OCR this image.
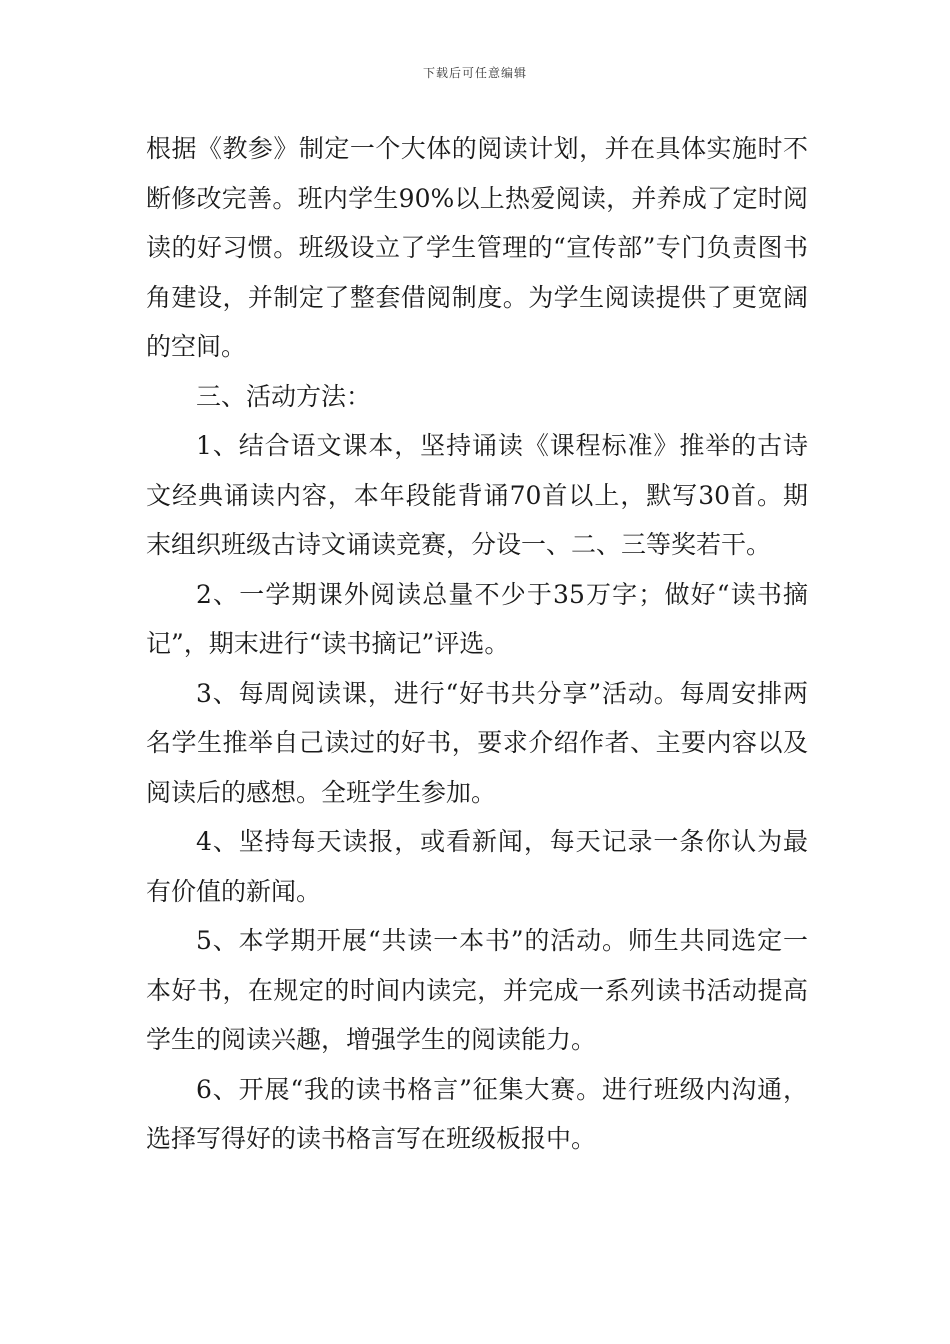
下载后可任意编辑

根据《教参》制定一个大体的阅读计划，并在具体实施时不断修改完善。班内学生90%以上热爱阅读，并养成了定时阅读的好习惯。班级设立了学生管理的“宣传部”专门负责图书角建设，并制定了整套借阅制度。为学生阅读提供了更宽阔的空间。

三、活动方法：

1、结合语文课本，坚持诵读《课程标准》推举的古诗文经典诵读内容，本年段能背诵70首以上，默写30首。期末组织班级古诗文诵读竞赛，分设一、二、三等奖若干。

2、一学期课外阅读总量不少于35万字；做好“读书摘记”，期末进行“读书摘记”评选。

3、每周阅读课，进行“好书共分享”活动。每周安排两名学生推举自己读过的好书，要求介绍作者、主要内容以及阅读后的感想。全班学生参加。

4、坚持每天读报，或看新闻，每天记录一条你认为最有价值的新闻。

5、本学期开展“共读一本书”的活动。师生共同选定一本好书，在规定的时间内读完，并完成一系列读书活动提高学生的阅读兴趣，增强学生的阅读能力。

6、开展“我的读书格言”征集大赛。进行班级内沟通，选择写得好的读书格言写在班级板报中。
